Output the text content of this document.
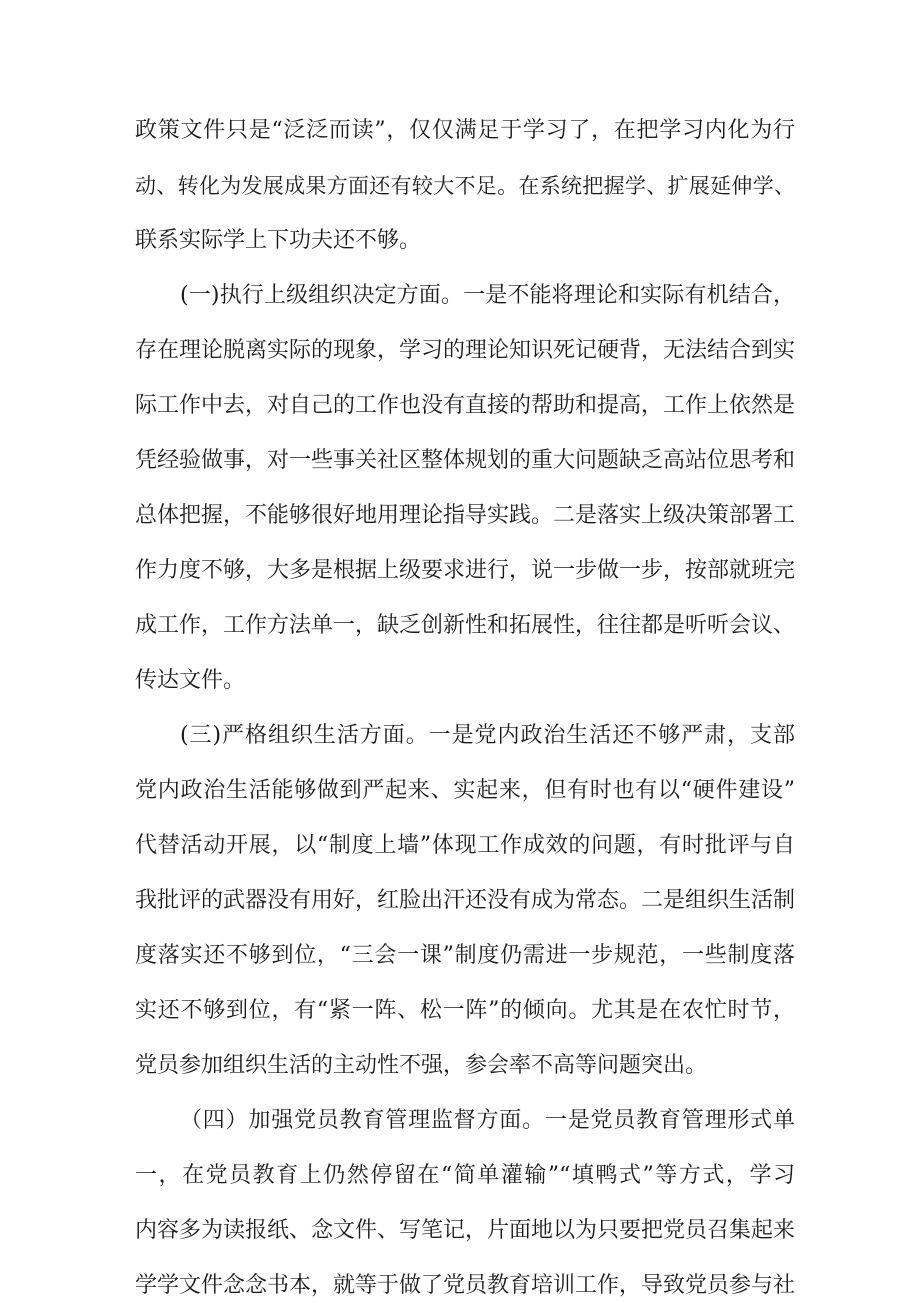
政策文件只是“泛泛而读”，仅仅满足于学习了，在把学习内化为行
动、转化为发展成果方面还有较大不足。在系统把握学、扩展延伸学、
联系实际学上下功夫还不够。
(一)执行上级组织决定方面。一是不能将理论和实际有机结合，
存在理论脱离实际的现象，学习的理论知识死记硬背，无法结合到实
际工作中去，对自己的工作也没有直接的帮助和提高，工作上依然是
凭经验做事，对一些事关社区整体规划的重大问题缺乏高站位思考和
总体把握，不能够很好地用理论指导实践。二是落实上级决策部署工
作力度不够，大多是根据上级要求进行，说一步做一步，按部就班完
成工作，工作方法单一，缺乏创新性和拓展性，往往都是听听会议、
传达文件。
(三)严格组织生活方面。一是党内政治生活还不够严肃，支部
党内政治生活能够做到严起来、实起来，但有时也有以“硬件建设”
代替活动开展，以“制度上墙”体现工作成效的问题，有时批评与自
我批评的武器没有用好，红脸出汗还没有成为常态。二是组织生活制
度落实还不够到位，“三会一课”制度仍需进一步规范，一些制度落
实还不够到位，有“紧一阵、松一阵”的倾向。尤其是在农忙时节，
党员参加组织生活的主动性不强，参会率不高等问题突出。
（四）加强党员教育管理监督方面。一是党员教育管理形式单
一，在党员教育上仍然停留在“简单灌输”“填鸭式”等方式，学习
内容多为读报纸、念文件、写笔记，片面地以为只要把党员召集起来
学学文件念念书本，就等于做了党员教育培训工作，导致党员参与社
